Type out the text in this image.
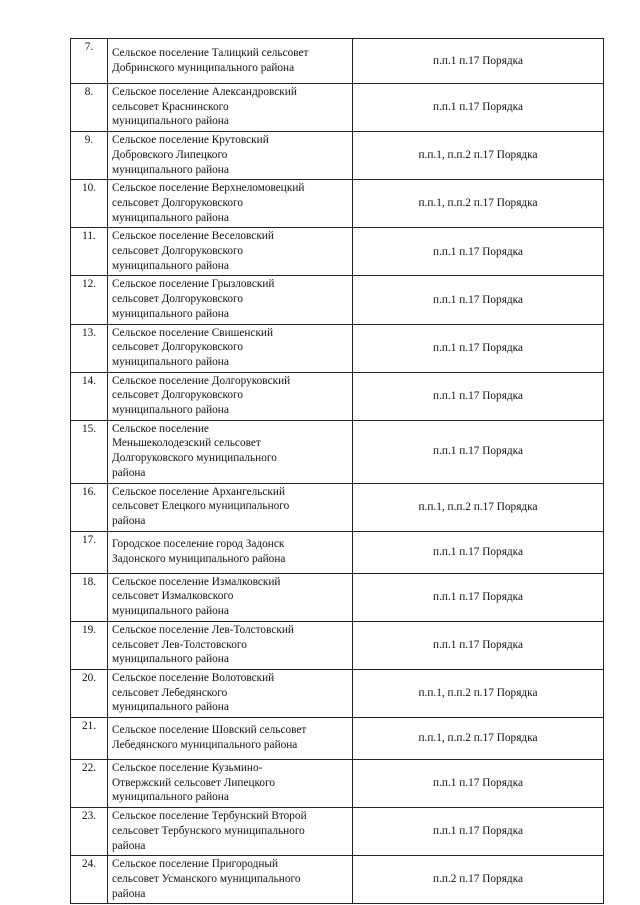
7.	Сельское поселение Талицкий сельсовет
Добринского муниципального района	п.п.1 п.17 Порядка
8.	Сельское поселение Александровский
сельсовет Краснинского
муниципального района	п.п.1 п.17 Порядка
9.	Сельское поселение Крутовский
Добровского Липецкого
муниципального района	п.п.1, п.п.2 п.17 Порядка
10.	Сельское поселение Верхнеломовецкий
сельсовет Долгоруковского
муниципального района	п.п.1, п.п.2 п.17 Порядка
11.	Сельское поселение Веселовский
сельсовет Долгоруковского
муниципального района	п.п.1 п.17 Порядка
12.	Сельское поселение Грызловский
сельсовет Долгоруковского
муниципального района	п.п.1 п.17 Порядка
13.	Сельское поселение Свишенский
сельсовет Долгоруковского
муниципального района	п.п.1 п.17 Порядка
14.	Сельское поселение Долгоруковский
сельсовет Долгоруковского
муниципального района	п.п.1 п.17 Порядка
15.	Сельское поселение
Меньшеколодезский сельсовет
Долгоруковского муниципального
района	п.п.1 п.17 Порядка
16.	Сельское поселение Архангельский
сельсовет Елецкого муниципального
района	п.п.1, п.п.2 п.17 Порядка
17.	Городское поселение город Задонск
Задонского муниципального района	п.п.1 п.17 Порядка
18.	Сельское поселение Измалковский
сельсовет Измалковского
муниципального района	п.п.1 п.17 Порядка
19.	Сельское поселение Лев-Толстовский
сельсовет Лев-Толстовского
муниципального района	п.п.1 п.17 Порядка
20.	Сельское поселение Волотовский
сельсовет Лебедянского
муниципального района	п.п.1, п.п.2 п.17 Порядка
21.	Сельское поселение Шовский сельсовет
Лебедянского муниципального района	п.п.1, п.п.2 п.17 Порядка
22.	Сельское поселение Кузьмино-
Отвержский сельсовет Липецкого
муниципального района	п.п.1 п.17 Порядка
23.	Сельское поселение Тербунский Второй
сельсовет Тербунского муниципального
района	п.п.1 п.17 Порядка
24.	Сельское поселение Пригородный
сельсовет Усманского муниципального
района	п.п.2 п.17 Порядка
